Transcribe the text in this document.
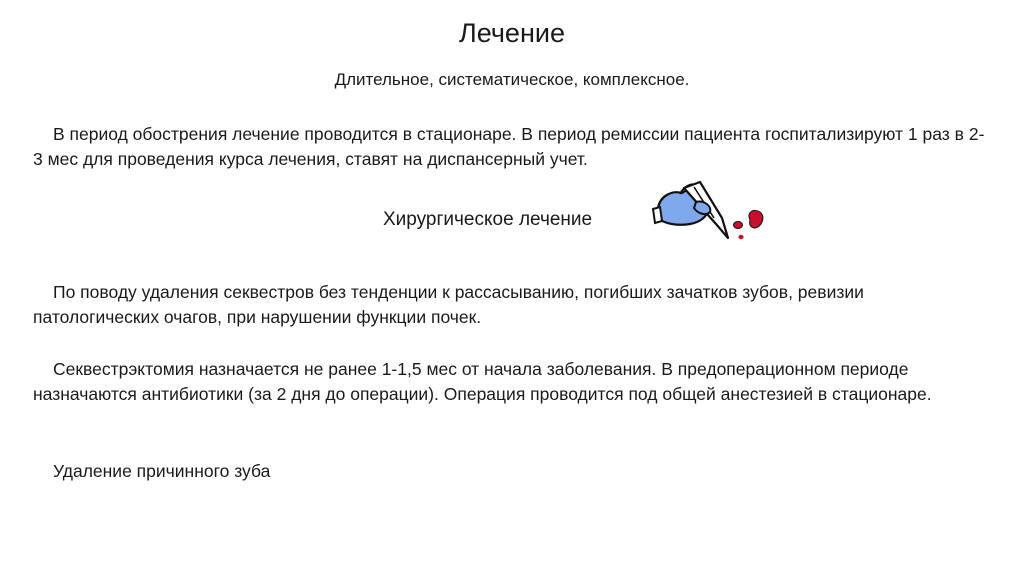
Лечение
Длительное, систематическое, комплексное.
В период обострения лечение проводится в стационаре. В период ремиссии пациента госпитализируют 1 раз в 2-3 мес для проведения курса лечения, ставят на диспансерный учет.
Хирургическое лечение
По поводу удаления секвестров без тенденции к рассасыванию, погибших зачатков зубов, ревизии патологических очагов, при нарушении функции почек.
Секвестрэктомия назначается не ранее 1-1,5 мес от начала заболевания. В предоперационном периоде назначаются антибиотики (за 2 дня до операции). Операция проводится под общей анестезией в стационаре.
Удаление причинного зуба
